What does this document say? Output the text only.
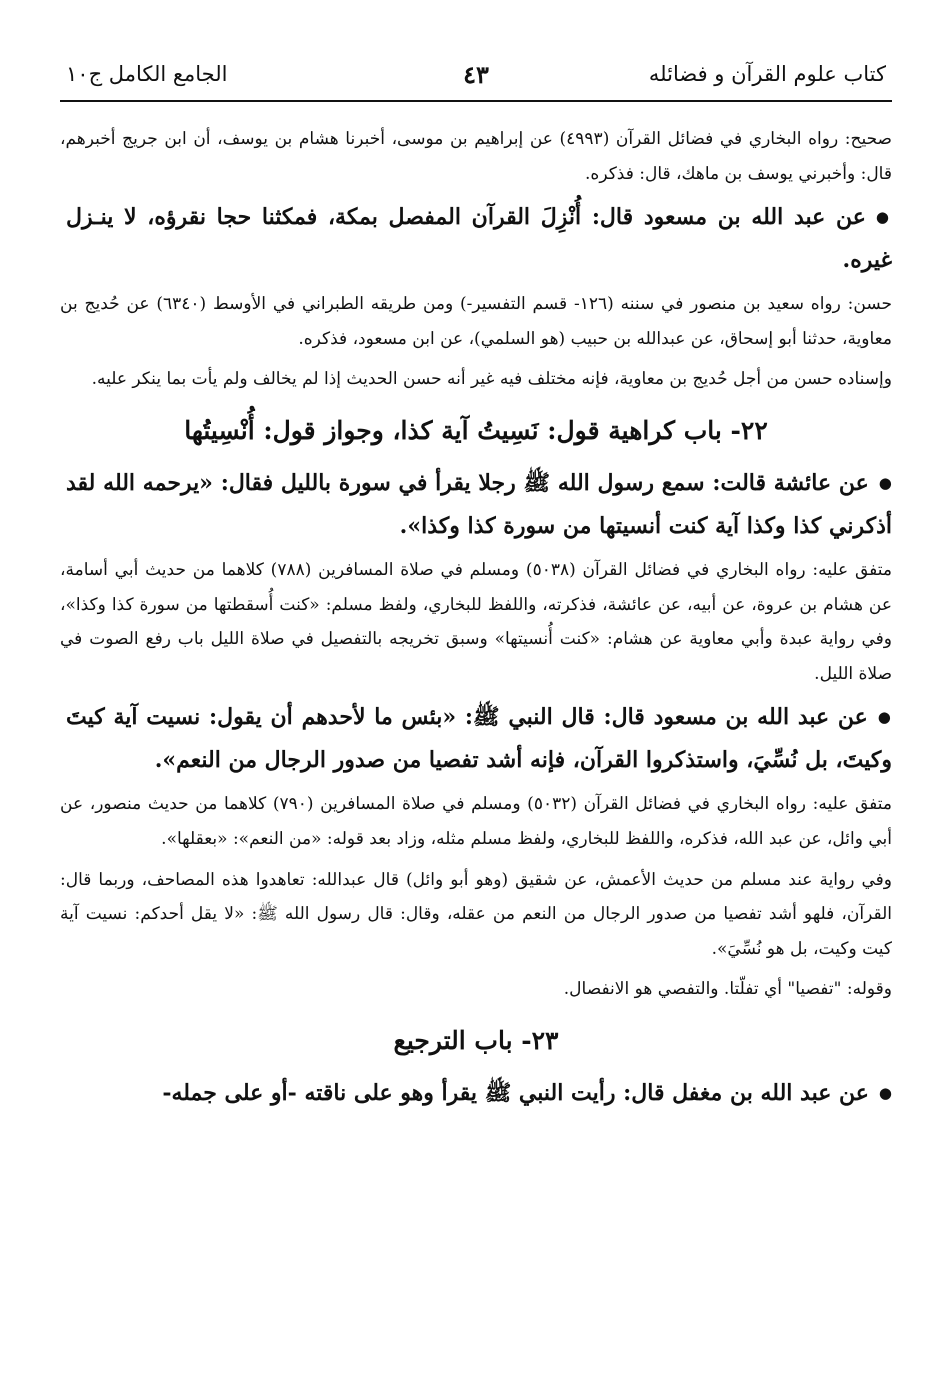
كتاب علوم القرآن و فضائله
٤٣
الجامع الكامل ج١٠

صحيح: رواه البخاري في فضائل القرآن (٤٩٩٣) عن إبراهيم بن موسى، أخبرنا هشام بن يوسف، أن ابن جريج أخبرهم، قال: وأخبرني يوسف بن ماهك، قال: فذكره.

● عن عبد الله بن مسعود قال: أُنْزِلَ القرآن المفصل بمكة، فمكثنا حجا نقرؤه، لا ينـزل غيره.

حسن: رواه سعيد بن منصور في سننه (١٢٦- قسم التفسير-) ومن طريقه الطبراني في الأوسط (٦٣٤٠) عن حُديج بن معاوية، حدثنا أبو إسحاق، عن عبدالله بن حبيب (هو السلمي)، عن ابن مسعود، فذكره.

وإسناده حسن من أجل حُديج بن معاوية، فإنه مختلف فيه غير أنه حسن الحديث إذا لم يخالف ولم يأت بما ينكر عليه.

٢٢- باب كراهية قول: نَسِيتُ آية كذا، وجواز قول: أُنْسِيتُها

● عن عائشة قالت: سمع رسول الله ﷺ رجلا يقرأ في سورة بالليل فقال: «يرحمه الله لقد أذكرني كذا وكذا آية كنت أنسيتها من سورة كذا وكذا».

متفق عليه: رواه البخاري في فضائل القرآن (٥٠٣٨) ومسلم في صلاة المسافرين (٧٨٨) كلاهما من حديث أبي أسامة، عن هشام بن عروة، عن أبيه، عن عائشة، فذكرته، واللفظ للبخاري، ولفظ مسلم: «كنت أُسقطتها من سورة كذا وكذا»، وفي رواية عبدة وأبي معاوية عن هشام: «كنت أُنسيتها» وسبق تخريجه بالتفصيل في صلاة الليل باب رفع الصوت في صلاة الليل.

● عن عبد الله بن مسعود قال: قال النبي ﷺ: «بئس ما لأحدهم أن يقول: نسيت آية كيتَ وكيتَ، بل نُسِّيَ، واستذكروا القرآن، فإنه أشد تفصيا من صدور الرجال من النعم».

متفق عليه: رواه البخاري في فضائل القرآن (٥٠٣٢) ومسلم في صلاة المسافرين (٧٩٠) كلاهما من حديث منصور، عن أبي وائل، عن عبد الله، فذكره، واللفظ للبخاري، ولفظ مسلم مثله، وزاد بعد قوله: «من النعم»: «بعقلها».

وفي رواية عند مسلم من حديث الأعمش، عن شقيق (وهو أبو وائل) قال عبدالله: تعاهدوا هذه المصاحف، وربما قال: القرآن، فلهو أشد تفصيا من صدور الرجال من النعم من عقله، وقال: قال رسول الله ﷺ: «لا يقل أحدكم: نسيت آية كيت وكيت، بل هو نُسِّيَ».

وقوله: "تفصيا" أي تفلّتا. والتفصي هو الانفصال.

٢٣- باب الترجيع

● عن عبد الله بن مغفل قال: رأيت النبي ﷺ يقرأ وهو على ناقته -أو على جمله-
